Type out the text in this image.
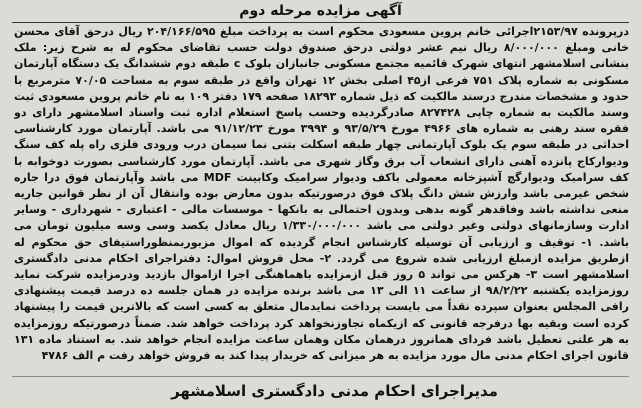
آگهی مزایده مرحله دوم
درپرونده ۲۱۵۳/۹۷اجرائی خانم پروین مسعودی محکوم است به پرداخت مبلغ ۲۰۴/۱۶۶/۵۹۵ ریال درحق آقای محسن خانی ومبلغ ۸/۰۰۰/۰۰۰ ریال نیم عشر دولتی درحق صندوق دولت حسب تقاضای محکوم له به شرح زیر: ملک بنشانی اسلامشهر انتهای شهرک قائمیه مجتمع مسکونی جانبازان بلوک c طبقه دوم ششدانگ یک دستگاه آپارتمان مسکونی به شماره پلاک ۷۵۱ فرعی از۴۵ اصلی بخش ۱۲ تهران واقع در طبقه سوم به مساحت ۷۰/۰۵ مترمربع با حدود و مشخصات مندرج درسند مالکیت که ذیل شماره ۱۸۲۹۳ صفحه ۱۷۹ دفتر ۱۰۹ به نام خانم پروین مسعودی ثبت وسند مالکیت به شماره چاپی ۸۲۷۴۲۸ صادرگردیده وحسب پاسخ استعلام اداره ثبت واسناد اسلامشهر دارای دو فقره سند رهنی به شماره های ۴۹۶۶ مورخ ۹۳/۵/۲۹ و ۳۹۹۴ مورخ ۹۱/۱۲/۲۳ می باشد. آپارتمان مورد کارشناسی احداثی در طبقه سوم یک بلوک آپارتمانی چهار طبقه اسکلت بتنی نما سیمان درب ورودی فلزی راه پله کف سنگ ودیوارکاج پانزده آهنی دارای انشعاب آب برق وگاز شهری می باشد. آپارتمان مورد کارشناسی بصورت دوخوابه با کف سرامیک ودیوارگچ آشپزخانه معمولی باکف ودیوار سرامیک وکابینت MDF می باشد وآپارتمان فوق درا جاره شخص غیرمی باشد وارزش شش دانگ پلاک فوق درصورتیکه بدون معارض بوده وانتقال آن از نظر قوانین جاریه منعی نداشته باشد وفاقدهر گونه بدهی وبدون احتمالی به بانکها - موسسات مالی - اعتباری - شهرداری - وسایر ادارت وسازمانهای دولتی وغیر دولتی می باشد ۱/۳۳۰/۰۰۰/۰۰۰ ریال معادل یکصد وسی وسه میلیون تومان می باشد. ۱- توقیف و ارزیابی آن توسیله کارشناس انجام گردیده که اموال مزبوربمنظوراستیفای حق محکوم له ازطریق مزایده ازمبلغ ارزیابی شده شروع می گردد. ۲- محل فروش اموال: دفتراجرای احکام مدنی دادگستری اسلامشهر است ۳- هرکس می تواند ۵ روز قبل ازمزایده باهماهنگی اجرا ازاموال بازدید ودرمزایده شرکت نماید روزمزایده یکشنبه ۹۸/۲/۲۲ از ساعت ۱۱ الی ۱۳ می باشد برنده مزایده در همان جلسه ده درصد قیمت پیشنهادی رافی المجلس بعنوان سپرده نقداً می بایست پرداخت نمایدمال متعلق به کسی است که بالاترین قیمت را پیشنهاد کرده است وبقیه بها درفرجه قانونی که ازیکماه تجاوزنخواهد کرد پرداخت خواهد شد. ضمناً درصورتیکه روزمزایده به هر علتی تعطیل باشد فردای همانروز درهمان مکان وهمان ساعت مزایده انجام خواهد شد. به استناد ماده ۱۳۱ قانون اجرای احکام مدنی مال مورد مزایده به هر میزانی که خریدار پیدا کند به فروش خواهد رفت م الف ۴۷۸۶
مدیراجرای احکام مدنی دادگستری اسلامشهر
